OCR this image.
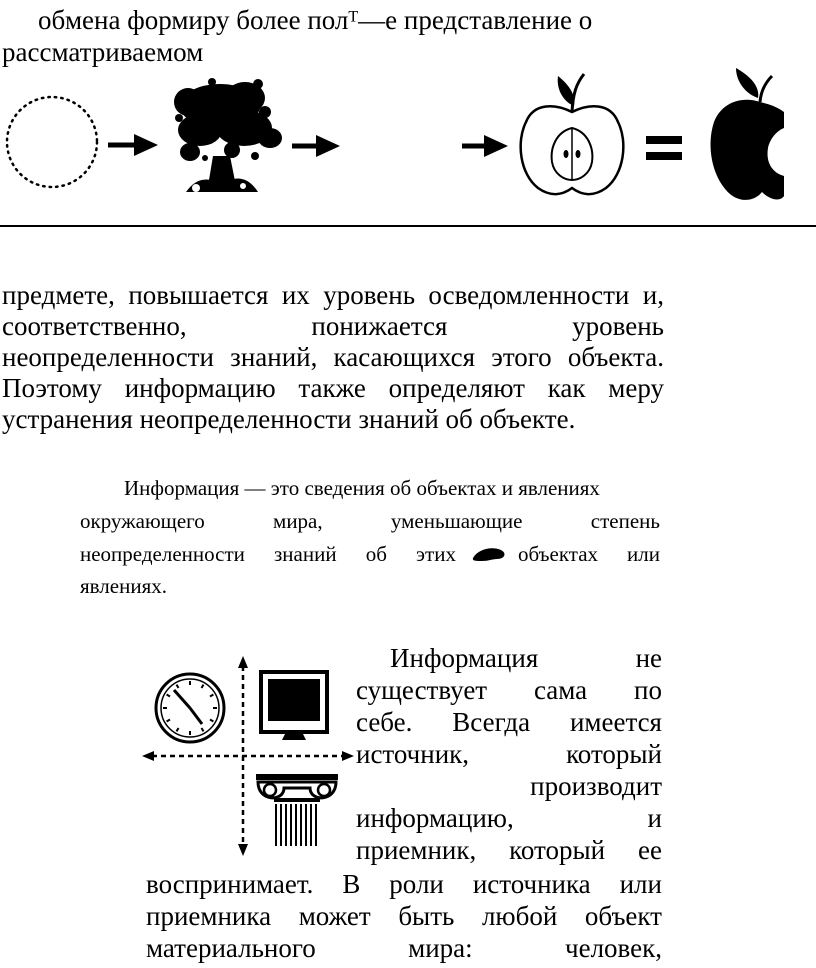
обмена формиру более полᵀ—е представление о
рассматриваемом
предмете, повышается их уровень осведомленности и,
соответственно,	понижается	уровень
неопределенности знаний, касающихся этого объекта.
Поэтому информацию также определяют как меру
устранения неопределенности знаний об объекте.
Информация — это сведения об объектах и явлениях
окружающего	мира,	уменьшающие	степень
неопределенности знаний об этих	объектах или
явлениях.
Информация	не
существует сама по
себе. Всегда имеется
источник,	который
производит
информацию,	и
приемник, который ее
воспринимает. В роли источника или
приемника может быть любой объект
материального	мира:	человек,
